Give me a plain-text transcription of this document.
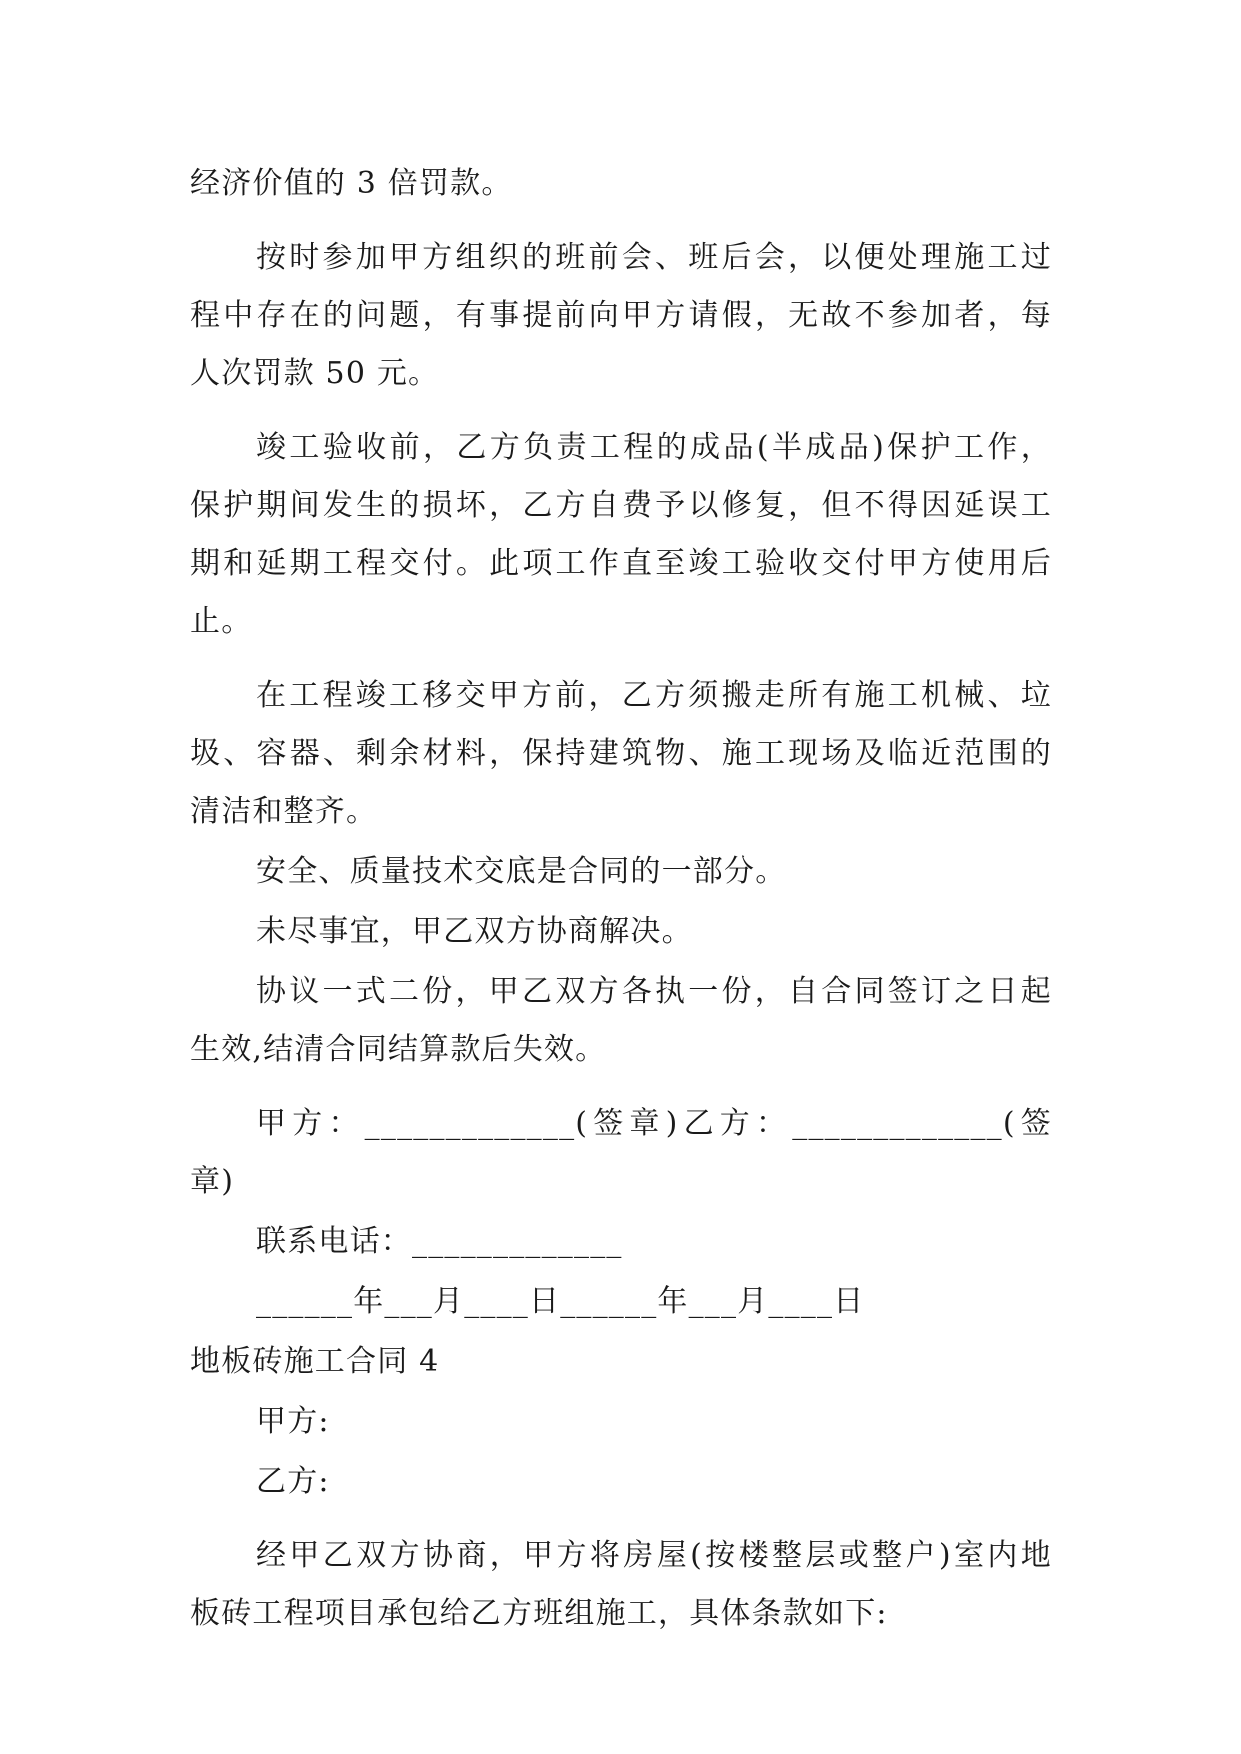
经济价值的 3 倍罚款。
按时参加甲方组织的班前会、班后会，以便处理施工过
程中存在的问题，有事提前向甲方请假，无故不参加者，每
人次罚款 50 元。
竣工验收前，乙方负责工程的成品(半成品)保护工作，
保护期间发生的损坏，乙方自费予以修复，但不得因延误工
期和延期工程交付。此项工作直至竣工验收交付甲方使用后
止。
在工程竣工移交甲方前，乙方须搬走所有施工机械、垃
圾、容器、剩余材料，保持建筑物、施工现场及临近范围的
清洁和整齐。
安全、质量技术交底是合同的一部分。
未尽事宜，甲乙双方协商解决。
协议一式二份，甲乙双方各执一份，自合同签订之日起
生效,结清合同结算款后失效。
甲方：_____________(签章)乙方：_____________(签
章)
联系电话：_____________
______年___月____日______年___月____日
地板砖施工合同 4
甲方:
乙方:
经甲乙双方协商，甲方将房屋(按楼整层或整户)室内地
板砖工程项目承包给乙方班组施工，具体条款如下:
